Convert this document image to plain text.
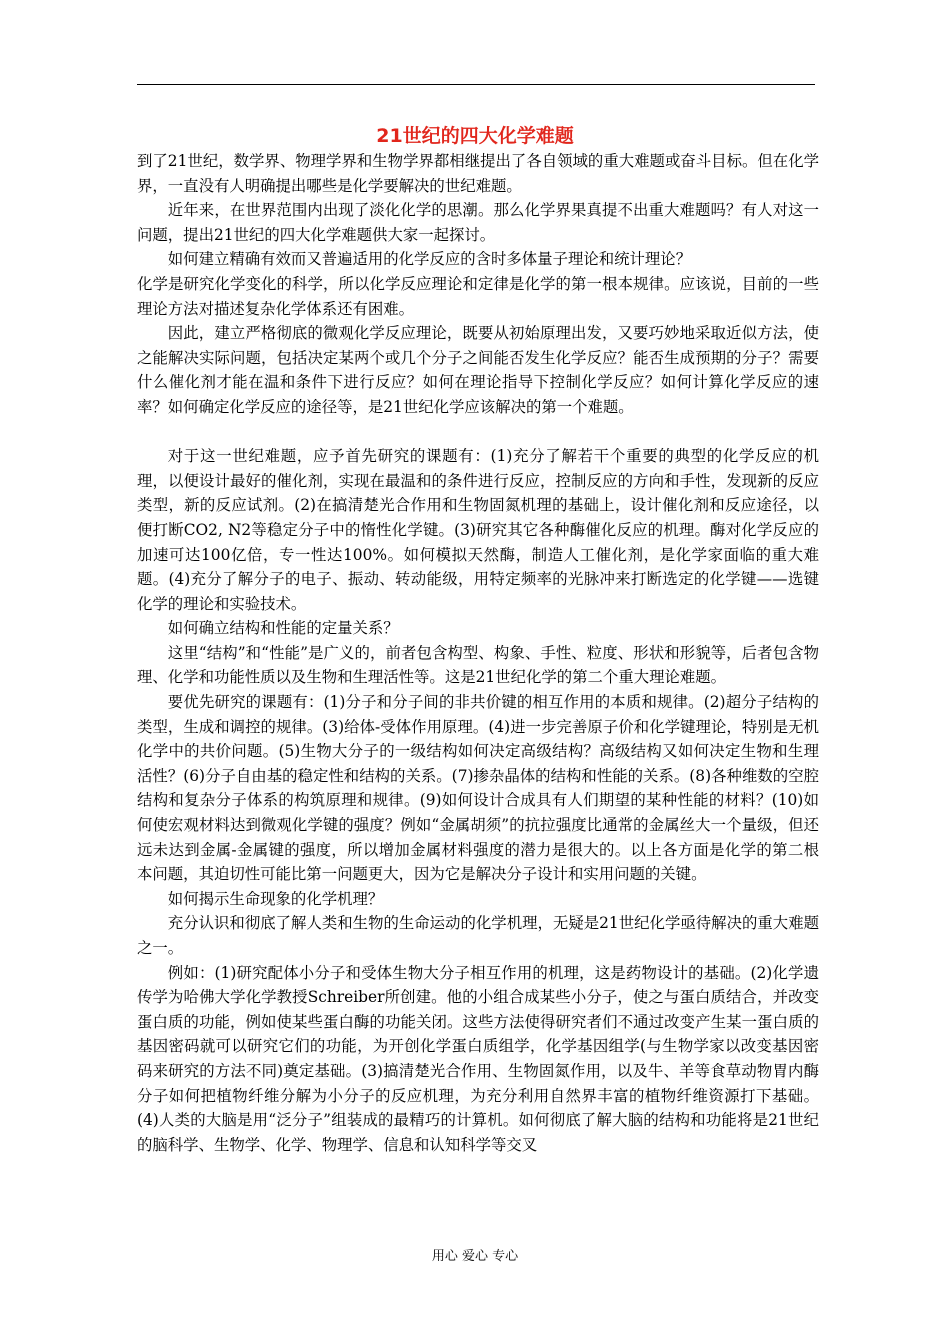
21世纪的四大化学难题

到了21世纪，数学界、物理学界和生物学界都相继提出了各自领域的重大难题或奋斗目标。但在化学界，一直没有人明确提出哪些是化学要解决的世纪难题。

近年来，在世界范围内出现了淡化化学的思潮。那么化学界果真提不出重大难题吗？有人对这一问题，提出21世纪的四大化学难题供大家一起探讨。

如何建立精确有效而又普遍适用的化学反应的含时多体量子理论和统计理论？

化学是研究化学变化的科学，所以化学反应理论和定律是化学的第一根本规律。应该说，目前的一些理论方法对描述复杂化学体系还有困难。

因此，建立严格彻底的微观化学反应理论，既要从初始原理出发，又要巧妙地采取近似方法，使之能解决实际问题，包括决定某两个或几个分子之间能否发生化学反应？能否生成预期的分子？需要什么催化剂才能在温和条件下进行反应？如何在理论指导下控制化学反应？如何计算化学反应的速率？如何确定化学反应的途径等，是21世纪化学应该解决的第一个难题。

对于这一世纪难题，应予首先研究的课题有：(1)充分了解若干个重要的典型的化学反应的机理，以便设计最好的催化剂，实现在最温和的条件进行反应，控制反应的方向和手性，发现新的反应类型，新的反应试剂。(2)在搞清楚光合作用和生物固氮机理的基础上，设计催化剂和反应途径，以便打断CO2, N2等稳定分子中的惰性化学键。(3)研究其它各种酶催化反应的机理。酶对化学反应的加速可达100亿倍，专一性达100%。如何模拟天然酶，制造人工催化剂，是化学家面临的重大难题。(4)充分了解分子的电子、振动、转动能级，用特定频率的光脉冲来打断选定的化学键——选键化学的理论和实验技术。

如何确立结构和性能的定量关系？

这里“结构”和“性能”是广义的，前者包含构型、构象、手性、粒度、形状和形貌等，后者包含物理、化学和功能性质以及生物和生理活性等。这是21世纪化学的第二个重大理论难题。

要优先研究的课题有：(1)分子和分子间的非共价键的相互作用的本质和规律。(2)超分子结构的类型，生成和调控的规律。(3)给体-受体作用原理。(4)进一步完善原子价和化学键理论，特别是无机化学中的共价问题。(5)生物大分子的一级结构如何决定高级结构？高级结构又如何决定生物和生理活性？(6)分子自由基的稳定性和结构的关系。(7)掺杂晶体的结构和性能的关系。(8)各种维数的空腔结构和复杂分子体系的构筑原理和规律。(9)如何设计合成具有人们期望的某种性能的材料？(10)如何使宏观材料达到微观化学键的强度？例如“金属胡须”的抗拉强度比通常的金属丝大一个量级，但还远未达到金属-金属键的强度，所以增加金属材料强度的潜力是很大的。以上各方面是化学的第二根本问题，其迫切性可能比第一问题更大，因为它是解决分子设计和实用问题的关键。

如何揭示生命现象的化学机理？

充分认识和彻底了解人类和生物的生命运动的化学机理，无疑是21世纪化学亟待解决的重大难题之一。

例如：(1)研究配体小分子和受体生物大分子相互作用的机理，这是药物设计的基础。(2)化学遗传学为哈佛大学化学教授Schreiber所创建。他的小组合成某些小分子，使之与蛋白质结合，并改变蛋白质的功能，例如使某些蛋白酶的功能关闭。这些方法使得研究者们不通过改变产生某一蛋白质的基因密码就可以研究它们的功能，为开创化学蛋白质组学，化学基因组学(与生物学家以改变基因密码来研究的方法不同)奠定基础。(3)搞清楚光合作用、生物固氮作用，以及牛、羊等食草动物胃内酶分子如何把植物纤维分解为小分子的反应机理，为充分利用自然界丰富的植物纤维资源打下基础。(4)人类的大脑是用“泛分子”组装成的最精巧的计算机。如何彻底了解大脑的结构和功能将是21世纪的脑科学、生物学、化学、物理学、信息和认知科学等交叉

用心 爱心 专心
